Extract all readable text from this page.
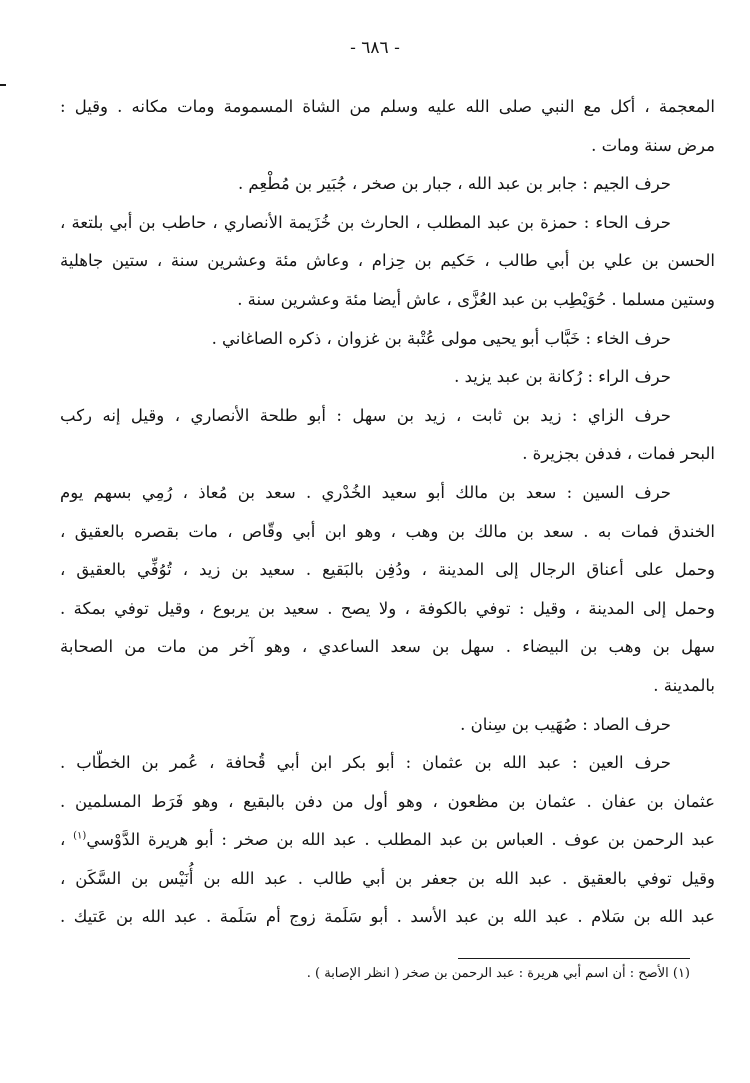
- ٦٨٦ -
المعجمة ، أكل مع النبي صلى الله عليه وسلم من الشاة المسمومة ومات مكانه . وقيل :
مرض سنة ومات .
حرف الجيم : جابر بن عبد الله ، جبار بن صخر ، جُبَير بن مُطْعِم .
حرف الحاء : حمزة بن عبد المطلب ، الحارث بن خُزَيمة الأنصاري ، حاطب بن أبي بلتعة ،
الحسن بن علي بن أبي طالب ، حَكيم بن حِزام ، وعاش مئة وعشرين سنة ، ستين جاهلية
وستين مسلما . حُوَيْطِب بن عبد العُزَّى ، عاش أيضا مئة وعشرين سنة .
حرف الخاء : خَبَّاب أبو يحيى مولى عُتْبة بن غزوان ، ذكره الصاغاني .
حرف الراء : رُكانة بن عبد يزيد .
حرف الزاي : زيد بن ثابت ، زيد بن سهل : أبو طلحة الأنصاري ، وقيل إنه ركب
البحر فمات ، فدفن بجزيرة .
حرف السين : سعد بن مالك أبو سعيد الخُدْري . سعد بن مُعاذ ، رُمِي بسهم يوم
الخندق فمات به . سعد بن مالك بن وهب ، وهو ابن أبي وقّاص ، مات بقصره بالعقيق ،
وحمل على أعناق الرجال إلى المدينة ، ودُفِن بالبَقيع . سعيد بن زيد ، تُوُفِّي بالعقيق ،
وحمل إلى المدينة ، وقيل : توفي بالكوفة ، ولا يصح . سعيد بن يربوع ، وقيل توفي بمكة .
سهل بن وهب بن البيضاء . سهل بن سعد الساعدي ، وهو آخر من مات من الصحابة
بالمدينة .
حرف الصاد : صُهَيب بن سِنان .
حرف العين : عبد الله بن عثمان : أبو بكر ابن أبي قُحافة ، عُمر بن الخطّاب .
عثمان بن عفان . عثمان بن مظعون ، وهو أول من دفن بالبقيع ، وهو فَرَط المسلمين .
عبد الرحمن بن عوف . العباس بن عبد المطلب . عبد الله بن صخر : أبو هريرة الدَّوْسي$^{(١)}$ ،
وقيل توفي بالعقيق . عبد الله بن جعفر بن أبي طالب . عبد الله بن أُنَيْس بن السَّكَن ،
عبد الله بن سَلام . عبد الله بن عبد الأسد . أبو سَلَمة زوج أم سَلَمة . عبد الله بن عَتيك .
(١) الأصح : أن اسم أبي هريرة : عبد الرحمن بن صخر ( انظر الإصابة ) .
